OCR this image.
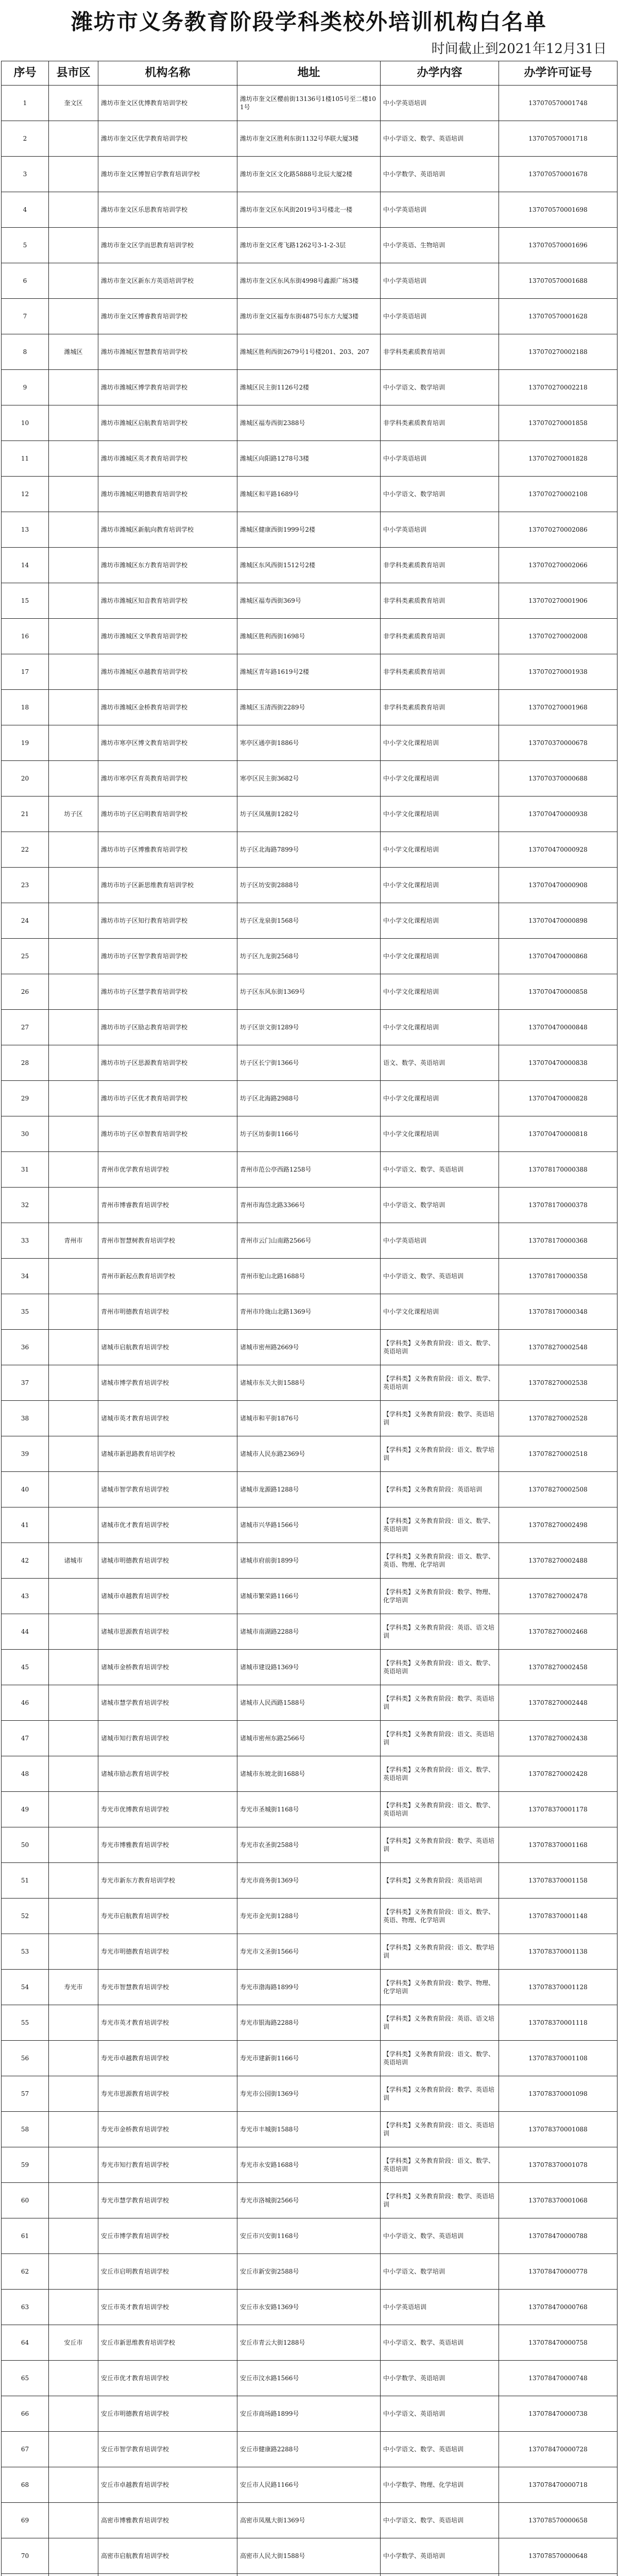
潍坊市义务教育阶段学科类校外培训机构白名单
时间截止到2021年12月31日
序号	县市区	机构名称	地址	办学内容	办学许可证号
1	奎文区	潍坊市奎文区优博教育培训学校	潍坊市奎文区樱前街13136号1楼105号至二楼101号	中小学英语培训	137070570001748
2		潍坊市奎文区优学教育培训学校	潍坊市奎文区胜利东街1132号华联大厦3楼	中小学语文、数学、英语培训	137070570001718
3		潍坊市奎文区博智启学教育培训学校	潍坊市奎文区文化路5888号北辰大厦2楼	中小学数学、英语培训	137070570001678
4		潍坊市奎文区乐思教育培训学校	潍坊市奎文区东风街2019号3号楼北一楼	中小学英语培训	137070570001698
5		潍坊市奎文区学而思教育培训学校	潍坊市奎文区鸢飞路1262号3-1-2-3层	中小学英语、生物培训	137070570001696
6		潍坊市奎文区新东方英语培训学校	潍坊市奎文区东风东街4998号鑫源广场3楼	中小学英语培训	137070570001688
7		潍坊市奎文区博睿教育培训学校	潍坊市奎文区福寿东街4875号东方大厦3楼	中小学英语培训	137070570001628
8	潍城区	潍坊市潍城区智慧教育培训学校	潍城区胜利西街2679号1号楼201、203、207	非学科类素质教育培训	137070270002188
9		潍坊市潍城区博学教育培训学校	潍城区民主街1126号2楼	中小学语文、数学培训	137070270002218
10		潍坊市潍城区启航教育培训学校	潍城区福寿西街2388号	非学科类素质教育培训	137070270001858
11		潍坊市潍城区英才教育培训学校	潍城区向阳路1278号3楼	中小学英语培训	137070270001828
12		潍坊市潍城区明德教育培训学校	潍城区和平路1689号	中小学语文、数学培训	137070270002108
13		潍坊市潍城区新航向教育培训学校	潍城区健康西街1999号2楼	中小学英语培训	137070270002086
14		潍坊市潍城区东方教育培训学校	潍城区东风西街1512号2楼	非学科类素质教育培训	137070270002066
15		潍坊市潍城区知音教育培训学校	潍城区福寿西街369号	非学科类素质教育培训	137070270001906
16		潍坊市潍城区文华教育培训学校	潍城区胜利西街1698号	非学科类素质教育培训	137070270002008
17		潍坊市潍城区卓越教育培训学校	潍城区青年路1619号2楼	非学科类素质教育培训	137070270001938
18		潍坊市潍城区金桥教育培训学校	潍城区玉清西街2289号	非学科类素质教育培训	137070270001968
19		潍坊市寒亭区博文教育培训学校	寒亭区通亭街1886号	中小学文化课程培训	137070370000678
20		潍坊市寒亭区育英教育培训学校	寒亭区民主街3682号	中小学文化课程培训	137070370000688
21	坊子区	潍坊市坊子区启明教育培训学校	坊子区凤凰街1282号	中小学文化课程培训	137070470000938
22		潍坊市坊子区博雅教育培训学校	坊子区北海路7899号	中小学文化课程培训	137070470000928
23		潍坊市坊子区新思维教育培训学校	坊子区坊安街2888号	中小学文化课程培训	137070470000908
24		潍坊市坊子区知行教育培训学校	坊子区龙泉街1568号	中小学文化课程培训	137070470000898
25		潍坊市坊子区智学教育培训学校	坊子区九龙街2568号	中小学文化课程培训	137070470000868
26		潍坊市坊子区慧学教育培训学校	坊子区东风东街1369号	中小学文化课程培训	137070470000858
27		潍坊市坊子区励志教育培训学校	坊子区崇文街1289号	中小学文化课程培训	137070470000848
28		潍坊市坊子区思源教育培训学校	坊子区长宁街1366号	语文、数学、英语培训	137070470000838
29		潍坊市坊子区优才教育培训学校	坊子区北海路2988号	中小学文化课程培训	137070470000828
30		潍坊市坊子区卓智教育培训学校	坊子区坊泰街1166号	中小学文化课程培训	137070470000818
31		青州市优学教育培训学校	青州市范公亭西路1258号	中小学语文、数学、英语培训	137078170000388
32		青州市博睿教育培训学校	青州市海岱北路3366号	中小学语文、数学培训	137078170000378
33	青州市	青州市智慧树教育培训学校	青州市云门山南路2566号	中小学英语培训	137078170000368
34		青州市新起点教育培训学校	青州市驼山北路1688号	中小学语文、数学、英语培训	137078170000358
35		青州市明德教育培训学校	青州市玲珑山北路1369号	中小学文化课程培训	137078170000348
36		诸城市启航教育培训学校	诸城市密州路2669号	【学科类】义务教育阶段：语文、数学、英语培训	137078270002548
37		诸城市博学教育培训学校	诸城市东关大街1588号	【学科类】义务教育阶段：语文、数学、英语培训	137078270002538
38		诸城市英才教育培训学校	诸城市和平街1876号	【学科类】义务教育阶段：数学、英语培训	137078270002528
39		诸城市新思路教育培训学校	诸城市人民东路2369号	【学科类】义务教育阶段：语文、数学培训	137078270002518
40		诸城市智学教育培训学校	诸城市龙源路1288号	【学科类】义务教育阶段：英语培训	137078270002508
41		诸城市优才教育培训学校	诸城市兴华路1566号	【学科类】义务教育阶段：语文、数学、英语培训	137078270002498
42	诸城市	诸城市明德教育培训学校	诸城市府前街1899号	【学科类】义务教育阶段：语文、数学、英语、物理、化学培训	137078270002488
43		诸城市卓越教育培训学校	诸城市繁荣路1166号	【学科类】义务教育阶段：数学、物理、化学培训	137078270002478
44		诸城市思源教育培训学校	诸城市南湖路2288号	【学科类】义务教育阶段：英语、语文培训	137078270002468
45		诸城市金桥教育培训学校	诸城市建设路1369号	【学科类】义务教育阶段：语文、数学、英语培训	137078270002458
46		诸城市慧学教育培训学校	诸城市人民西路1588号	【学科类】义务教育阶段：数学、英语培训	137078270002448
47		诸城市知行教育培训学校	诸城市密州东路2566号	【学科类】义务教育阶段：语文、英语培训	137078270002438
48		诸城市励志教育培训学校	诸城市东坡北街1688号	【学科类】义务教育阶段：语文、数学、英语培训	137078270002428
49		寿光市优博教育培训学校	寿光市圣城街1168号	【学科类】义务教育阶段：语文、数学、英语培训	137078370001178
50		寿光市博雅教育培训学校	寿光市农圣街2588号	【学科类】义务教育阶段：数学、英语培训	137078370001168
51		寿光市新东方教育培训学校	寿光市商务街1369号	【学科类】义务教育阶段：英语培训	137078370001158
52		寿光市启航教育培训学校	寿光市金光街1288号	【学科类】义务教育阶段：语文、数学、英语、物理、化学培训	137078370001148
53		寿光市明德教育培训学校	寿光市文圣街1566号	【学科类】义务教育阶段：语文、数学培训	137078370001138
54	寿光市	寿光市智慧教育培训学校	寿光市渤海路1899号	【学科类】义务教育阶段：数学、物理、化学培训	137078370001128
55		寿光市英才教育培训学校	寿光市银海路2288号	【学科类】义务教育阶段：英语、语文培训	137078370001118
56		寿光市卓越教育培训学校	寿光市建新街1166号	【学科类】义务教育阶段：语文、数学、英语培训	137078370001108
57		寿光市思源教育培训学校	寿光市公园街1369号	【学科类】义务教育阶段：数学、英语培训	137078370001098
58		寿光市金桥教育培训学校	寿光市丰城街1588号	【学科类】义务教育阶段：语文、英语培训	137078370001088
59		寿光市知行教育培训学校	寿光市永安路1688号	【学科类】义务教育阶段：语文、数学、英语培训	137078370001078
60		寿光市慧学教育培训学校	寿光市洛城街2566号	【学科类】义务教育阶段：数学、英语培训	137078370001068
61		安丘市博学教育培训学校	安丘市兴安街1168号	中小学语文、数学、英语培训	137078470000788
62		安丘市启明教育培训学校	安丘市新安街2588号	中小学语文、数学培训	137078470000778
63		安丘市英才教育培训学校	安丘市永安路1369号	中小学英语培训	137078470000768
64	安丘市	安丘市新思维教育培训学校	安丘市青云大街1288号	中小学语文、数学、英语培训	137078470000758
65		安丘市优才教育培训学校	安丘市汶水路1566号	中小学数学、英语培训	137078470000748
66		安丘市明德教育培训学校	安丘市商场路1899号	中小学语文、英语培训	137078470000738
67		安丘市智学教育培训学校	安丘市健康路2288号	中小学语文、数学、英语培训	137078470000728
68		安丘市卓越教育培训学校	安丘市人民路1166号	中小学数学、物理、化学培训	137078470000718
69		高密市博雅教育培训学校	高密市凤凰大街1369号	中小学语文、数学、英语培训	137078570000658
70		高密市启航教育培训学校	高密市人民大街1588号	中小学数学、英语培训	137078570000648
